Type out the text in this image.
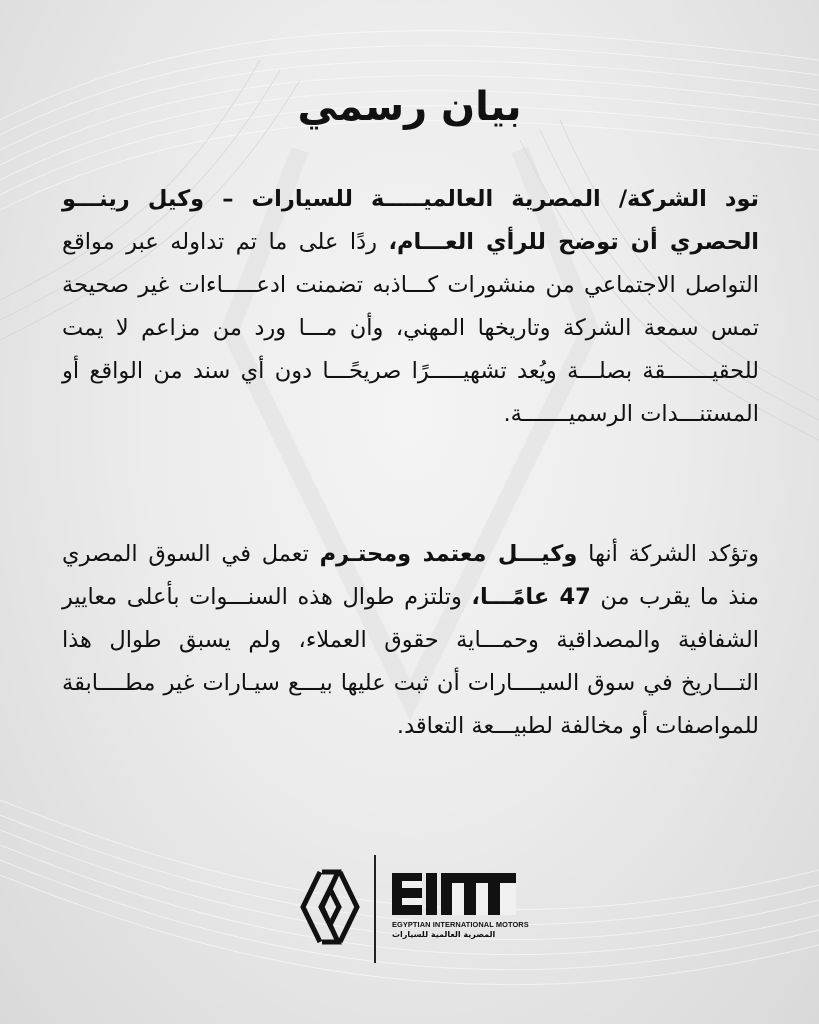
بيان رسمي

تود الشركة/ المصرية العالميـــــة للسيارات – وكيل رينـــو الحصري أن توضح للرأي العـــام، ردًا على ما تم تداوله عبر مواقع التواصل الاجتماعي من منشورات كـــاذبه تضمنت ادعـــــاءات غير صحيحة تمس سمعة الشركة وتاريخها المهني، وأن مـــا ورد من مزاعم لا يمت للحقيـــــــقة بصلـــة ويُعد تشهيـــــرًا صريحًـــا دون أي سند من الواقع أو المستنـــدات الرسميـــــــة.

وتؤكد الشركة أنها وكيـــل معتمد ومحتـرم تعمل في السوق المصري منذ ما يقرب من 47 عامًـــا، وتلتزم طوال هذه السنـــوات بأعلى معايير الشفافية والمصداقية وحمـــاية حقوق العملاء، ولم يسبق طوال هذا التـــاريخ في سوق السيــــارات أن ثبت عليها بيـــع سيـارات غير مطــــابقة للمواصفات أو مخالفة لطبيـــعة التعاقد.

EGYPTIAN INTERNATIONAL MOTORS
المصرية العالمية للسيارات
